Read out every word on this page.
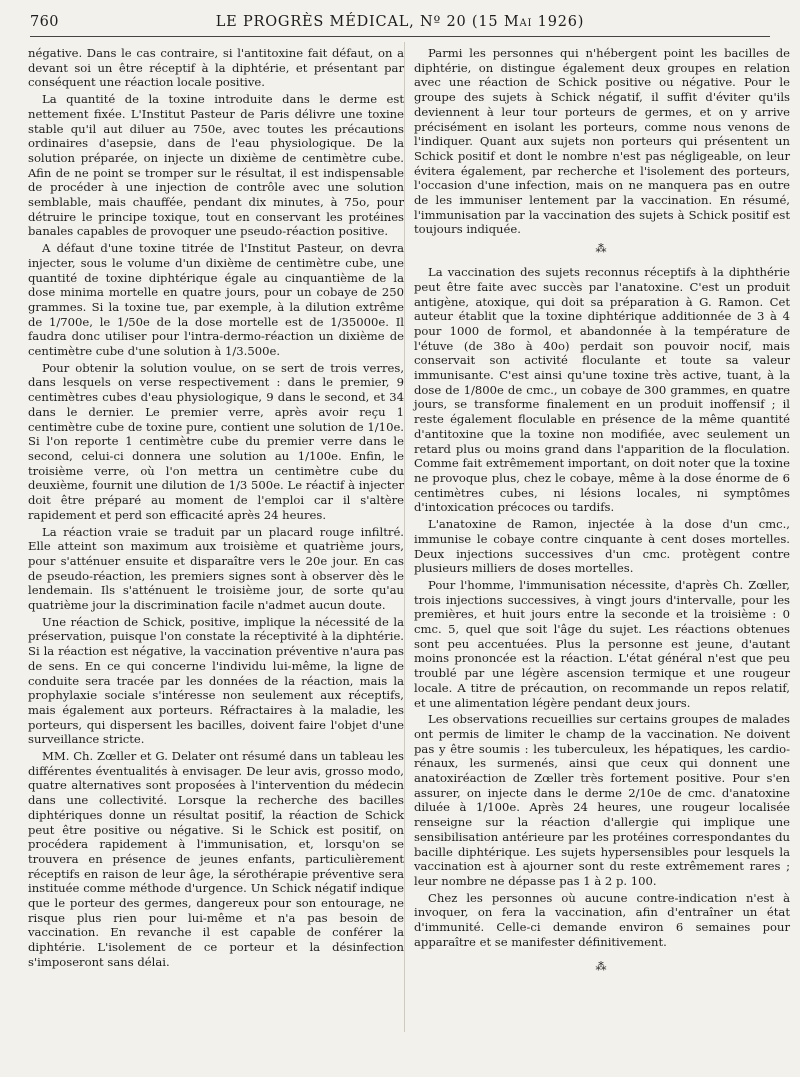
760	LE PROGRÈS MÉDICAL, Nº 20 (15 Mai 1926)

négative. Dans le cas contraire, si l'antitoxine fait défaut, on a devant soi un être réceptif à la diphtérie, et présentant par conséquent une réaction locale positive.

La quantité de la toxine introduite dans le derme est nettement fixée. L'Institut Pasteur de Paris délivre une toxine stable qu'il aut diluer au 750e, avec toutes les précautions ordinaires d'asepsie, dans de l'eau physiologique. De la solution préparée, on injecte un dixième de centimètre cube. Afin de ne point se tromper sur le résultat, il est indispensable de procéder à une injection de contrôle avec une solution semblable, mais chauffée, pendant dix minutes, à 75o, pour détruire le principe toxique, tout en conservant les protéines banales capables de provoquer une pseudo-réaction positive.

A défaut d'une toxine titrée de l'Institut Pasteur, on devra injecter, sous le volume d'un dixième de centimètre cube, une quantité de toxine diphtérique égale au cinquantième de la dose minima mortelle en quatre jours, pour un cobaye de 250 grammes. Si la toxine tue, par exemple, à la dilution extrême de 1/700e, le 1/50e de la dose mortelle est de 1/35000e. Il faudra donc utiliser pour l'intra-dermo-réaction un dixième de centimètre cube d'une solution à 1/3.500e.

Pour obtenir la solution voulue, on se sert de trois verres, dans lesquels on verse respectivement : dans le premier, 9 centimètres cubes d'eau physiologique, 9 dans le second, et 34 dans le dernier. Le premier verre, après avoir reçu 1 centimètre cube de toxine pure, contient une solution de 1/10e. Si l'on reporte 1 centimètre cube du premier verre dans le second, celui-ci donnera une solution au 1/100e. Enfin, le troisième verre, où l'on mettra un centimètre cube du deuxième, fournit une dilution de 1/3 500e. Le réactif à injecter doit être préparé au moment de l'emploi car il s'altère rapidement et perd son efficacité après 24 heures.

La réaction vraie se traduit par un placard rouge infiltré. Elle atteint son maximum aux troisième et quatrième jours, pour s'atténuer ensuite et disparaître vers le 20e jour. En cas de pseudo-réaction, les premiers signes sont à observer dès le lendemain. Ils s'atténuent le troisième jour, de sorte qu'au quatrième jour la discrimination facile n'admet aucun doute.

Une réaction de Schick, positive, implique la nécessité de la préservation, puisque l'on constate la réceptivité à la diphtérie. Si la réaction est négative, la vaccination préventive n'aura pas de sens. En ce qui concerne l'individu lui-même, la ligne de conduite sera tracée par les données de la réaction, mais la prophylaxie sociale s'intéresse non seulement aux réceptifs, mais également aux porteurs. Réfractaires à la maladie, les porteurs, qui dispersent les bacilles, doivent faire l'objet d'une surveillance stricte.

MM. Ch. Zœller et G. Delater ont résumé dans un tableau les différentes éventualités à envisager. De leur avis, grosso modo, quatre alternatives sont proposées à l'intervention du médecin dans une collectivité. Lorsque la recherche des bacilles diphtériques donne un résultat positif, la réaction de Schick peut être positive ou négative. Si le Schick est positif, on procédera rapidement à l'immunisation, et, lorsqu'on se trouvera en présence de jeunes enfants, particulièrement réceptifs en raison de leur âge, la sérothérapie préventive sera instituée comme méthode d'urgence. Un Schick négatif indique que le porteur des germes, dangereux pour son entourage, ne risque plus rien pour lui-même et n'a pas besoin de vaccination. En revanche il est capable de conférer la diphtérie. L'isolement de ce porteur et la désinfection s'imposeront sans délai.

Parmi les personnes qui n'hébergent point les bacilles de diphtérie, on distingue également deux groupes en relation avec une réaction de Schick positive ou négative. Pour le groupe des sujets à Schick négatif, il suffit d'éviter qu'ils deviennent à leur tour porteurs de germes, et on y arrive précisément en isolant les porteurs, comme nous venons de l'indiquer. Quant aux sujets non porteurs qui présentent un Schick positif et dont le nombre n'est pas négligeable, on leur évitera également, par recherche et l'isolement des porteurs, l'occasion d'une infection, mais on ne manquera pas en outre de les immuniser lentement par la vaccination. En résumé, l'immunisation par la vaccination des sujets à Schick positif est toujours indiquée.

⁂

La vaccination des sujets reconnus réceptifs à la diphthérie peut être faite avec succès par l'anatoxine. C'est un produit antigène, atoxique, qui doit sa préparation à G. Ramon. Cet auteur établit que la toxine diphtérique additionnée de 3 à 4 pour 1000 de formol, et abandonnée à la température de l'étuve (de 38o à 40o) perdait son pouvoir nocif, mais conservait son activité floculante et toute sa valeur immunisante. C'est ainsi qu'une toxine très active, tuant, à la dose de 1/800e de cmc., un cobaye de 300 grammes, en quatre jours, se transforme finalement en un produit inoffensif ; il reste également floculable en présence de la même quantité d'antitoxine que la toxine non modifiée, avec seulement un retard plus ou moins grand dans l'apparition de la floculation. Comme fait extrêmement important, on doit noter que la toxine ne provoque plus, chez le cobaye, même à la dose énorme de 6 centimètres cubes, ni lésions locales, ni symptômes d'intoxication précoces ou tardifs.

L'anatoxine de Ramon, injectée à la dose d'un cmc., immunise le cobaye contre cinquante à cent doses mortelles. Deux injections successives d'un cmc. protègent contre plusieurs milliers de doses mortelles.

Pour l'homme, l'immunisation nécessite, d'après Ch. Zœller, trois injections successives, à vingt jours d'intervalle, pour les premières, et huit jours entre la seconde et la troisième : 0 cmc. 5, quel que soit l'âge du sujet. Les réactions obtenues sont peu accentuées. Plus la personne est jeune, d'autant moins prononcée est la réaction. L'état général n'est que peu troublé par une légère ascension termique et une rougeur locale. A titre de précaution, on recommande un repos relatif, et une alimentation légère pendant deux jours.

Les observations recueillies sur certains groupes de malades ont permis de limiter le champ de la vaccination. Ne doivent pas y être soumis : les tuberculeux, les hépatiques, les cardio-rénaux, les surmenés, ainsi que ceux qui donnent une anatoxiréaction de Zœller très fortement positive. Pour s'en assurer, on injecte dans le derme 2/10e de cmc. d'anatoxine diluée à 1/100e. Après 24 heures, une rougeur localisée renseigne sur la réaction d'allergie qui implique une sensibilisation antérieure par les protéines correspondantes du bacille diphtérique. Les sujets hypersensibles pour lesquels la vaccination est à ajourner sont du reste extrêmement rares ; leur nombre ne dépasse pas 1 à 2 p. 100.

Chez les personnes où aucune contre-indication n'est à invoquer, on fera la vaccination, afin d'entraîner un état d'immunité. Celle-ci demande environ 6 semaines pour apparaître et se manifester définitivement.

⁂
